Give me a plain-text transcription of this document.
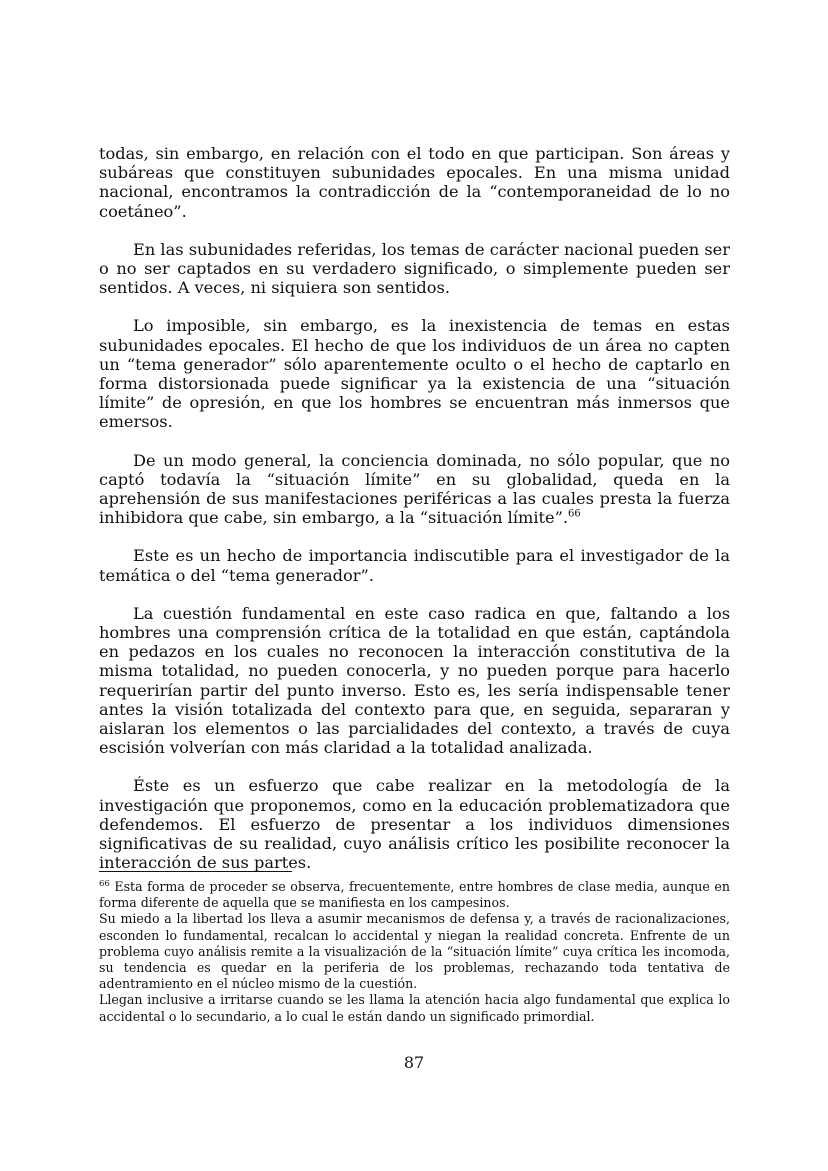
todas, sin embargo, en relación con el todo en que participan. Son áreas y subáreas que constituyen subunidades epocales. En una misma unidad nacional, encontramos la contradicción de la “contemporaneidad de lo no coetáneo”.

En las subunidades referidas, los temas de carácter nacional pueden ser o no ser captados en su verdadero significado, o simplemente pueden ser sentidos. A veces, ni siquiera son sentidos.

Lo imposible, sin embargo, es la inexistencia de temas en estas subunidades epocales. El hecho de que los individuos de un área no capten un “tema generador” sólo aparentemente oculto o el hecho de captarlo en forma distorsionada puede significar ya la existencia de una “situación límite” de opresión, en que los hombres se encuentran más inmersos que emersos.

De un modo general, la conciencia dominada, no sólo popular, que no captó todavía la “situación límite” en su globalidad, queda en la aprehensión de sus manifestaciones periféricas a las cuales presta la fuerza inhibidora que cabe, sin embargo, a la “situación límite”.$^{66}$

Este es un hecho de importancia indiscutible para el investigador de la temática o del “tema generador”.

La cuestión fundamental en este caso radica en que, faltando a los hombres una comprensión crítica de la totalidad en que están, captándola en pedazos en los cuales no reconocen la interacción constitutiva de la misma totalidad, no pueden conocerla, y no pueden porque para hacerlo requerirían partir del punto inverso. Esto es, les sería indispensable tener antes la visión totalizada del contexto para que, en seguida, separaran y aislaran los elementos o las parcialidades del contexto, a través de cuya escisión volverían con más claridad a la totalidad analizada.

Éste es un esfuerzo que cabe realizar en la metodología de la investigación que proponemos, como en la educación problematizadora que defendemos. El esfuerzo de presentar a los individuos dimensiones significativas de su realidad, cuyo análisis crítico les posibilite reconocer la interacción de sus partes.

$^{66}$ Esta forma de proceder se observa, frecuentemente, entre hombres de clase media, aunque en forma diferente de aquella que se manifiesta en los campesinos.

Su miedo a la libertad los lleva a asumir mecanismos de defensa y, a través de racionalizaciones, esconden lo fundamental, recalcan lo accidental y niegan la realidad concreta. Enfrente de un problema cuyo análisis remite a la visualización de la “situación límite” cuya crítica les incomoda, su tendencia es quedar en la periferia de los problemas, rechazando toda tentativa de adentramiento en el núcleo mismo de la cuestión.

Llegan inclusive a irritarse cuando se les llama la atención hacia algo fundamental que explica lo accidental o lo secundario, a lo cual le están dando un significado primordial.

87
